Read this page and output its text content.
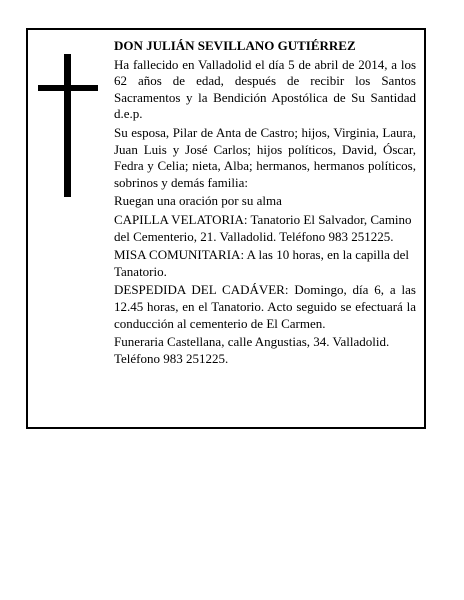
DON JULIÁN SEVILLANO GUTIÉRREZ

Ha fallecido en Valladolid el día 5 de abril de 2014, a los 62 años de edad, después de recibir los Santos Sacramentos y la Bendición Apostólica de Su Santidad d.e.p.

Su esposa, Pilar de Anta de Castro; hijos, Virginia, Laura, Juan Luis y José Carlos; hijos políticos, David, Óscar, Fedra y Celia; nieta, Alba; hermanos, hermanos políticos, sobrinos y demás familia:

Ruegan una oración por su alma

CAPILLA VELATORIA: Tanatorio El Salvador, Camino del Cementerio, 21. Valladolid. Teléfono 983 251225.

MISA COMUNITARIA: A las 10 horas, en la capilla del Tanatorio.

DESPEDIDA DEL CADÁVER: Domingo, día 6, a las 12.45 horas, en el Tanatorio. Acto seguido se efectuará la conducción al cementerio de El Carmen.

Funeraria Castellana, calle Angustias, 34. Valladolid. Teléfono 983 251225.
